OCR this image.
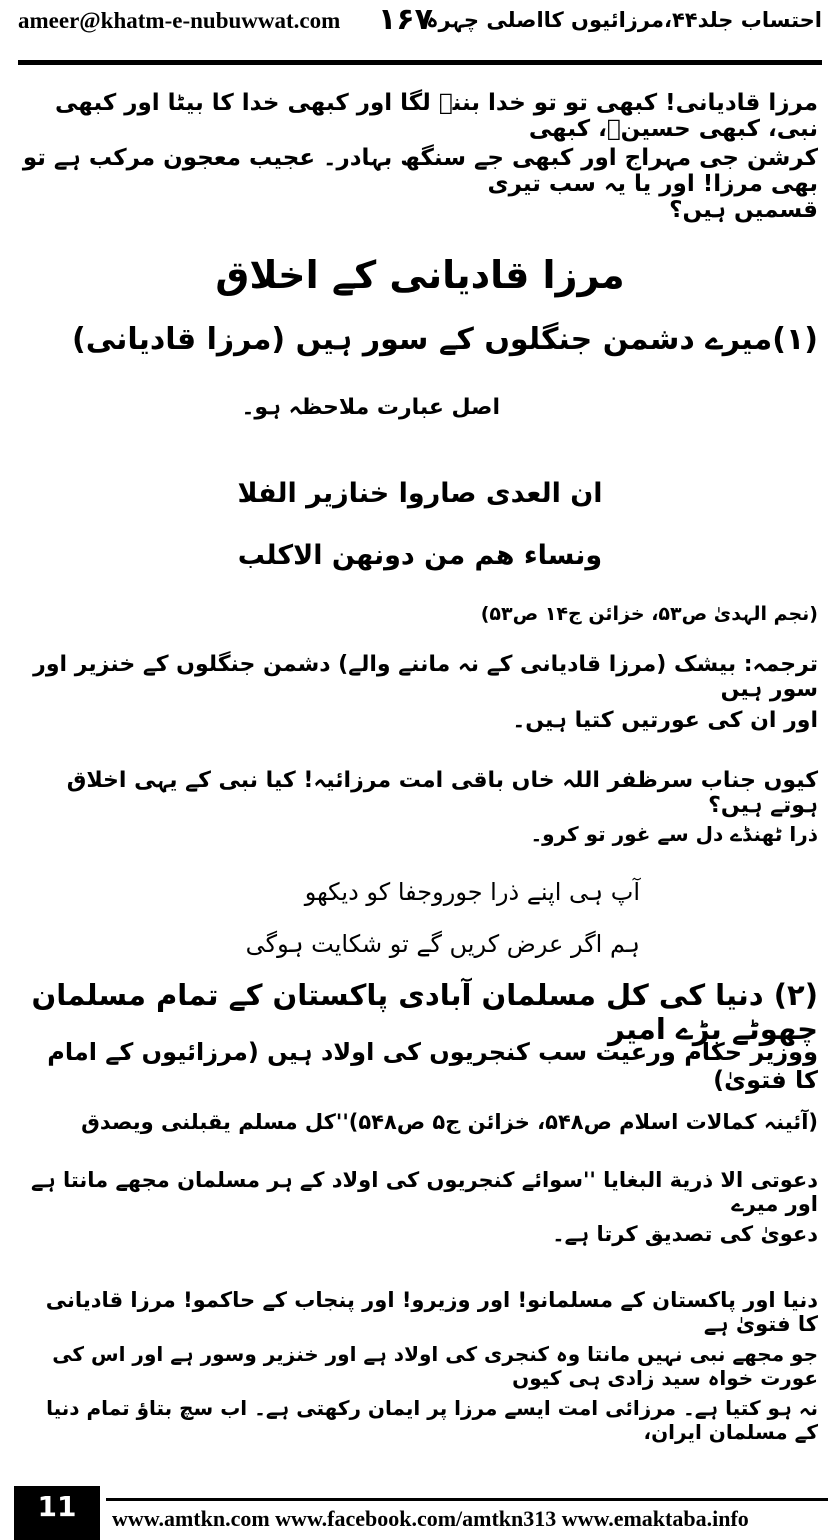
ameer@khatm-e-nubuwwat.com ۱۶۷
احتساب جلد۴۴،مرزائیوں کااصلی چہرہ
مرزا قادیانی! کبھی تو تو خدا بننے لگا اور کبھی خدا کا بیٹا اور کبھی نبی، کبھی حسینؓ، کبھی
کرشن جی مہراج اور کبھی جے سنگھ بہادر۔ عجیب معجون مرکب ہے تو بھی مرزا! اور یا یہ سب تیری
قسمیں ہیں؟
مرزا قادیانی کے اخلاق
(۱)میرے دشمن جنگلوں کے سور ہیں (مرزا قادیانی)
اصل عبارت ملاحظہ ہو۔
ان العدی صاروا خنازیر الفلا
ونساء هم من دونهن الاکلب
(نجم الہدیٰ ص۵۳، خزائن ج۱۴ ص۵۳)
ترجمہ: بیشک (مرزا قادیانی کے نہ ماننے والے) دشمن جنگلوں کے خنزیر اور سور ہیں
اور ان کی عورتیں کتیا ہیں۔
کیوں جناب سرظفر اللہ خاں باقی امت مرزائیہ! کیا نبی کے یہی اخلاق ہوتے ہیں؟
ذرا ٹھنڈے دل سے غور تو کرو۔
آپ ہی اپنے ذرا جوروجفا کو دیکھو
ہم اگر عرض کریں گے تو شکایت ہوگی
(۲) دنیا کی کل مسلمان آبادی پاکستان کے تمام مسلمان چھوٹے بڑے امیر
ووزیر حکام ورعیت سب کنجریوں کی اولاد ہیں (مرزائیوں کے امام کا فتویٰ)
(آئینہ کمالات اسلام ص۵۴۸، خزائن ج۵ ص۵۴۸)''کل مسلم یقبلنی ویصدق
دعوتی الا ذریة البغایا ''سوائے کنجریوں کی اولاد کے ہر مسلمان مجھے مانتا ہے اور میرے
دعویٰ کی تصدیق کرتا ہے۔
دنیا اور پاکستان کے مسلمانو! اور وزیرو! اور پنجاب کے حاکمو! مرزا قادیانی کا فتویٰ ہے
جو مجھے نبی نہیں مانتا وہ کنجری کی اولاد ہے اور خنزیر وسور ہے اور اس کی عورت خواہ سید زادی ہی کیوں
نہ ہو کتیا ہے۔ مرزائی امت ایسے مرزا پر ایمان رکھتی ہے۔ اب سچ بتاؤ تمام دنیا کے مسلمان ایران،
11	www.amtkn.com www.facebook.com/amtkn313 www.emaktaba.info
